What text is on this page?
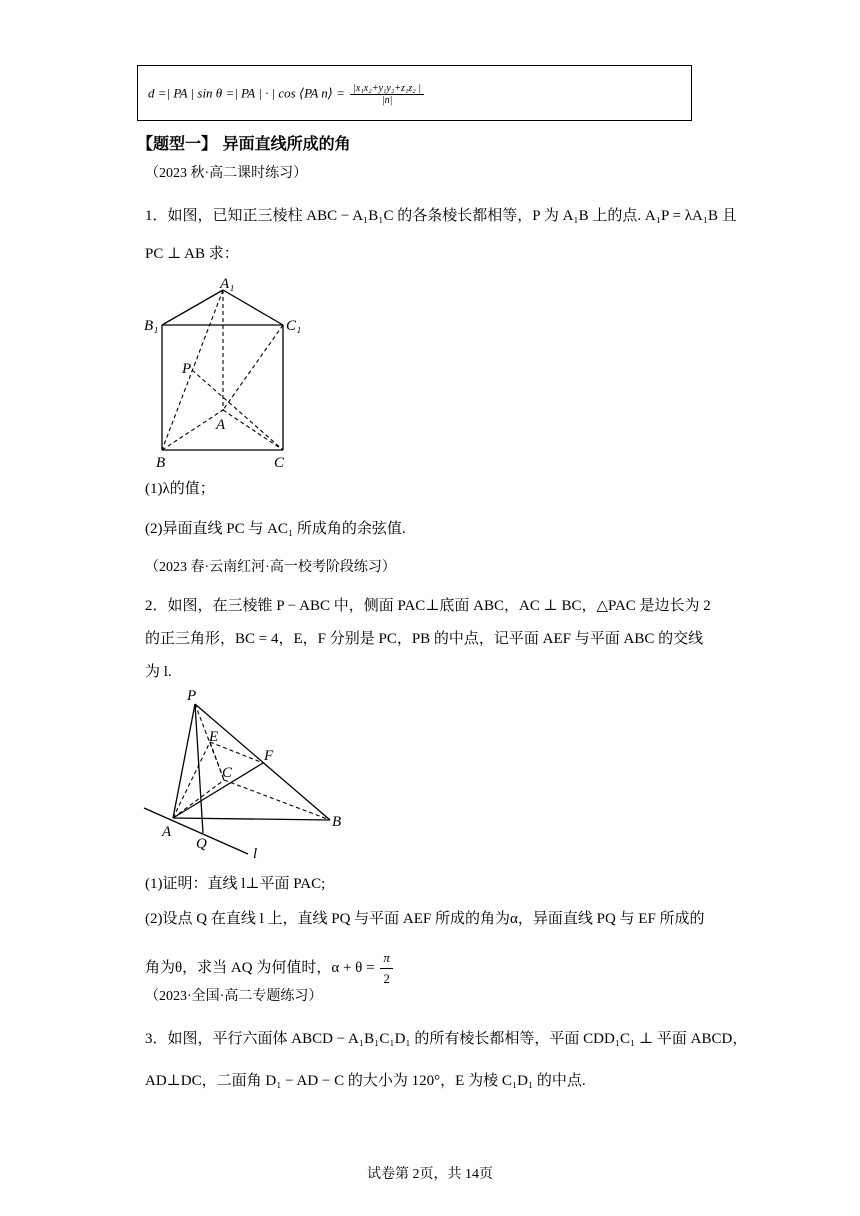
d =| PA | sin θ =| PA | · | cos ⟨PA n⟩ = $\frac{\text{|x₁x₂+y₁y₂+z₁z₂ |}}{|n|}$
【题型一】 异面直线所成的角
（2023 秋·高二课时练习）
1．如图，已知正三棱柱 ABC − A₁B₁C 的各条棱长都相等，P 为 A₁B 上的点. A₁P = λA₁B 且
PC ⊥ AB 求：
A₁
B₁	C₁
P
A
B	C
(1)λ的值；
(2)异面直线 PC 与 AC₁ 所成角的余弦值.
（2023 春·云南红河·高一校考阶段练习）
2．如图，在三棱锥 P − ABC 中，侧面 PAC⊥底面 ABC，AC ⊥ BC，△PAC 是边长为 2
的正三角形，BC = 4，E，F 分别是 PC，PB 的中点，记平面 AEF 与平面 ABC 的交线
为 l.
P
E
F
C
A
B
Q
l
(1)证明：直线 l⊥平面 PAC;
(2)设点 Q 在直线 l 上，直线 PQ 与平面 AEF 所成的角为α，异面直线 PQ 与 EF 所成的
角为θ，求当 AQ 为何值时，$\alpha + \theta = \frac{\pi}{2}$
（2023·全国·高二专题练习）
3．如图，平行六面体 ABCD − A₁B₁C₁D₁ 的所有棱长都相等，平面 CDD₁C₁ ⊥ 平面 ABCD，
AD⊥DC，二面角 D₁ − AD − C 的大小为 120°，E 为棱 C₁D₁ 的中点.
试卷第 2页，共 14页
